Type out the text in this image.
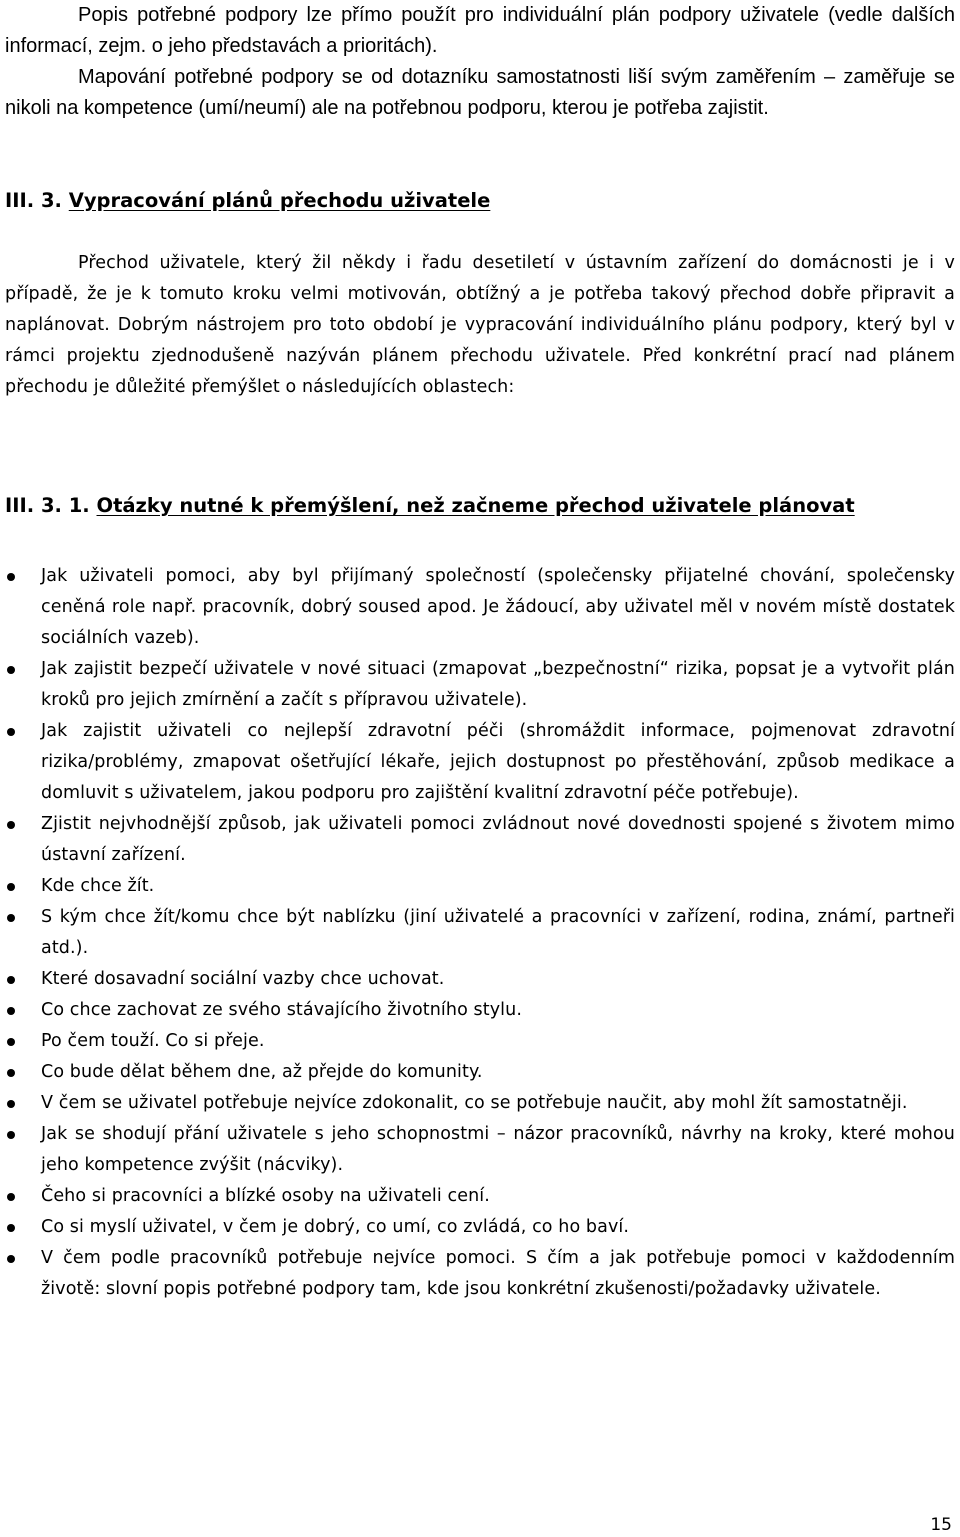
Popis potřebné podpory lze přímo použít pro individuální plán podpory uživatele (vedle dalších informací, zejm. o jeho představách a prioritách).

Mapování potřebné podpory se od dotazníku samostatnosti liší svým zaměřením – zaměřuje se nikoli na kompetence (umí/neumí) ale na potřebnou podporu, kterou je potřeba zajistit.

III. 3. Vypracování plánů přechodu uživatele

Přechod uživatele, který žil někdy i řadu desetiletí v ústavním zařízení do domácnosti je i v případě, že je k tomuto kroku velmi motivován, obtížný a je potřeba takový přechod dobře připravit a naplánovat. Dobrým nástrojem pro toto období je vypracování individuálního plánu podpory, který byl v rámci projektu zjednodušeně nazýván plánem přechodu uživatele. Před konkrétní prací nad plánem přechodu je důležité přemýšlet o následujících oblastech:

III. 3. 1. Otázky nutné k přemýšlení, než začneme přechod uživatele plánovat

Jak uživateli pomoci, aby byl přijímaný společností (společensky přijatelné chování, společensky ceněná role např. pracovník, dobrý soused apod. Je žádoucí, aby uživatel měl v novém místě dostatek sociálních vazeb).

Jak zajistit bezpečí uživatele v nové situaci (zmapovat „bezpečnostní“ rizika, popsat je a vytvořit plán kroků pro jejich zmírnění a začít s přípravou uživatele).

Jak zajistit uživateli co nejlepší zdravotní péči (shromáždit informace, pojmenovat zdravotní rizika/problémy, zmapovat ošetřující lékaře, jejich dostupnost po přestěhování, způsob medikace a domluvit s uživatelem, jakou podporu pro zajištění kvalitní zdravotní péče potřebuje).

Zjistit nejvhodnější způsob, jak uživateli pomoci zvládnout nové dovednosti spojené s životem mimo ústavní zařízení.

Kde chce žít.

S kým chce žít/komu chce být nablízku (jiní uživatelé a pracovníci v zařízení, rodina, známí, partneři atd.).

Které dosavadní sociální vazby chce uchovat.

Co chce zachovat ze svého stávajícího životního stylu.

Po čem touží. Co si přeje.

Co bude dělat během dne, až přejde do komunity.

V čem se uživatel potřebuje nejvíce zdokonalit, co se potřebuje naučit, aby mohl žít samostatněji.

Jak se shodují přání uživatele s jeho schopnostmi – názor pracovníků, návrhy na kroky, které mohou jeho kompetence zvýšit (nácviky).

Čeho si pracovníci a blízké osoby na uživateli cení.

Co si myslí uživatel, v čem je dobrý, co umí, co zvládá, co ho baví.

V čem podle pracovníků potřebuje nejvíce pomoci. S čím a jak potřebuje pomoci v každodenním životě: slovní popis potřebné podpory tam, kde jsou konkrétní zkušenosti/požadavky uživatele.

15
